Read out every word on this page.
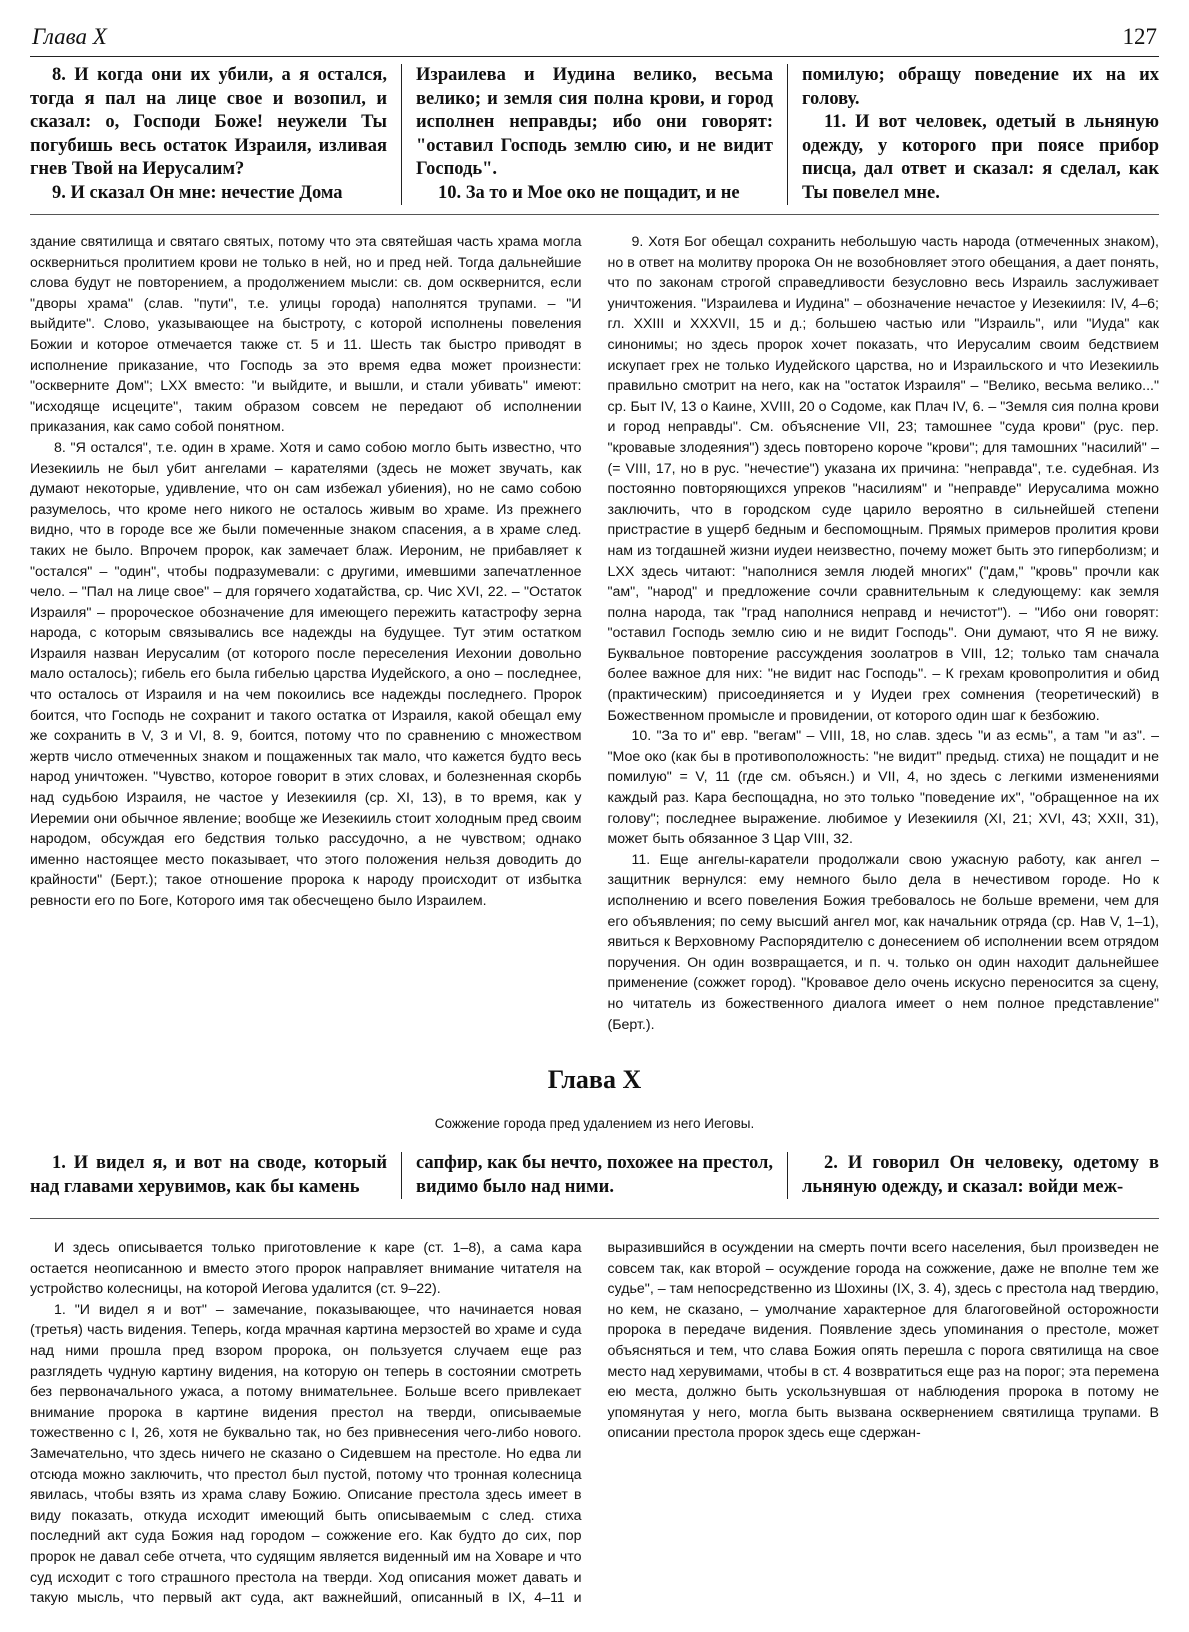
Глава X	127

8. И когда они их убили, а я остался, тогда я пал на лице свое и возопил, и сказал: о, Господи Боже! неужели Ты погубишь весь остаток Израиля, изливая гнев Твой на Иерусалим?

9. И сказал Он мне: нечестие Дома

Израилева и Иудина велико, весьма велико; и земля сия полна крови, и город исполнен неправды; ибо они говорят: "оставил Господь землю сию, и не видит Господь".

10. За то и Мое око не пощадит, и не

помилую; обращу поведение их на их голову.

11. И вот человек, одетый в льняную одежду, у которого при поясе прибор писца, дал ответ и сказал: я сделал, как Ты повелел мне.

здание святилища и святаго святых, потому что эта святейшая часть храма могла оскверниться пролитием крови не только в ней, но и пред ней. Тогда дальнейшие слова будут не повторением, а продолжением мысли: св. дом осквернится, если "дворы храма" (слав. "пути", т.е. улицы города) наполнятся трупами. – "И выйдите". Слово, указывающее на быстроту, с которой исполнены повеления Божии и которое отмечается также ст. 5 и 11. Шесть так быстро приводят в исполнение приказание, что Господь за это время едва может произнести: "оскверните Дом"; LXX вместо: "и выйдите, и вышли, и стали убивать" имеют: "исходяще исцеците", таким образом совсем не передают об исполнении приказания, как само собой понятном.

8. "Я остался", т.е. один в храме. Хотя и само собою могло быть известно, что Иезекииль не был убит ангелами – карателями (здесь не может звучать, как думают некоторые, удивление, что он сам избежал убиения), но не само собою разумелось, что кроме него никого не осталось живым во храме. Из прежнего видно, что в городе все же были помеченные знаком спасения, а в храме след. таких не было. Впрочем пророк, как замечает блаж. Иероним, не прибавляет к "остался" – "один", чтобы подразумевали: с другими, имевшими запечатленное чело. – "Пал на лице свое" – для горячего ходатайства, ср. Чис XVI, 22. – "Остаток Израиля" – пророческое обозначение для имеющего пережить катастрофу зерна народа, с которым связывались все надежды на будущее. Тут этим остатком Израиля назван Иерусалим (от которого после переселения Иехонии довольно мало осталось); гибель его была гибелью царства Иудейского, а оно – последнее, что осталось от Израиля и на чем покоились все надежды последнего. Пророк боится, что Господь не сохранит и такого остатка от Израиля, какой обещал ему же сохранить в V, 3 и VI, 8. 9, боится, потому что по сравнению с множеством жертв число отмеченных знаком и пощаженных так мало, что кажется будто весь народ уничтожен. "Чувство, которое говорит в этих словах, и болезненная скорбь над судьбою Израиля, не частое у Иезекииля (ср. XI, 13), в то время, как у Иеремии они обычное явление; вообще же Иезекииль стоит холодным пред своим народом, обсуждая его бедствия только рассудочно, а не чувством; однако именно настоящее место показывает, что этого положения нельзя доводить до крайности" (Берт.); такое отношение пророка к народу происходит от избытка ревности его по Боге, Которого имя так обесчещено было Израилем.

9. Хотя Бог обещал сохранить небольшую часть народа (отмеченных знаком), но в ответ на молитву пророка Он не возобновляет этого обещания, а дает понять, что по законам строгой справедливости безусловно весь Израиль заслуживает уничтожения. "Израилева и Иудина" – обозначение нечастое у Иезекииля: IV, 4–6; гл. XXIII и XXXVII, 15 и д.; большею частью или "Израиль", или "Иуда" как синонимы; но здесь пророк хочет показать, что Иерусалим своим бедствием искупает грех не только Иудейского царства, но и Израильского и что Иезекииль правильно смотрит на него, как на "остаток Израиля" – "Велико, весьма велико..." ср. Быт IV, 13 о Каине, XVIII, 20 о Содоме, как Плач IV, 6. – "Земля сия полна крови и город неправды". См. объяснение VII, 23; тамошнее "суда крови" (рус. пер. "кровавые злодеяния") здесь повторено короче "крови"; для тамошних "насилий" – (= VIII, 17, но в рус. "нечестие") указана их причина: "неправда", т.е. судебная. Из постоянно повторяющихся упреков "насилиям" и "неправде" Иерусалима можно заключить, что в городском суде царило вероятно в сильнейшей степени пристрастие в ущерб бедным и беспомощным. Прямых примеров пролития крови нам из тогдашней жизни иудеи неизвестно, почему может быть это гиперболизм; и LXX здесь читают: "наполнися земля людей многих" ("дам," "кровь" прочли как "ам", "народ" и предложение сочли сравнительным к следующему: как земля полна народа, так "град наполнися неправд и нечистот"). – "Ибо они говорят: "оставил Господь землю сию и не видит Господь". Они думают, что Я не вижу. Буквальное повторение рассуждения зоолатров в VIII, 12; только там сначала более важное для них: "не видит нас Господь". – К грехам кровопролития и обид (практическим) присоединяется и у Иудеи грех сомнения (теоретический) в Божественном промысле и провидении, от которого один шаг к безбожию.

10. "За то и" евр. "вегам" – VIII, 18, но слав. здесь "и аз есмь", а там "и аз". – "Мое око (как бы в противоположность: "не видит" предыд. стиха) не пощадит и не помилую" = V, 11 (где см. объясн.) и VII, 4, но здесь с легкими изменениями каждый раз. Кара беспощадна, но это только "поведение их", "обращенное на их голову"; последнее выражение. любимое у Иезекииля (XI, 21; XVI, 43; XXII, 31), может быть обязанное 3 Цар VIII, 32.

11. Еще ангелы-каратели продолжали свою ужасную работу, как ангел – защитник вернулся: ему немного было дела в нечестивом городе. Но к исполнению и всего повеления Божия требовалось не больше времени, чем для его объявления; по сему высший ангел мог, как начальник отряда (ср. Нав V, 1–1), явиться к Верховному Распорядителю с донесением об исполнении всем отрядом поручения. Он один возвращается, и п. ч. только он один находит дальнейшее применение (сожжет город). "Кровавое дело очень искусно переносится за сцену, но читатель из божественного диалога имеет о нем полное представление" (Берт.).

Глава X
Сожжение города пред удалением из него Иеговы.

1. И видел я, и вот на своде, который над главами херувимов, как бы камень

сапфир, как бы нечто, похожее на престол, видимо было над ними.

2. И говорил Он человеку, одетому в льняную одежду, и сказал: войди меж-

И здесь описывается только приготовление к каре (ст. 1–8), а сама кара остается неописанною и вместо этого пророк направляет внимание читателя на устройство колесницы, на которой Иегова удалится (ст. 9–22).

1. "И видел я и вот" – замечание, показывающее, что начинается новая (третья) часть видения. Теперь, когда мрачная картина мерзостей во храме и суда над ними прошла пред взором пророка, он пользуется случаем еще раз разглядеть чудную картину видения, на которую он теперь в состоянии смотреть без первоначального ужаса, а потому внимательнее. Больше всего привлекает внимание пророка в картине видения престол на тверди, описываемые тожественно с I, 26, хотя не буквально так, но без привнесения чего-либо нового. Замечательно, что здесь ничего не сказано о Сидевшем на престоле. Но едва ли отсюда можно заключить, что престол был пустой, потому что тронная колесница явилась, чтобы взять из храма славу Божию. Описание престола здесь имеет в виду показать, откуда исходит имеющий быть описываемым с след. стиха последний акт суда Божия над городом – сожжение его. Как будто до сих, пор пророк не давал себе отчета, что судящим является виденный им на Ховаре и что суд исходит с того страшного престола на тверди. Ход описания может давать и такую мысль, что первый акт суда, акт важнейший, описанный в IX, 4–11 и выразившийся в осуждении на смерть почти всего населения, был произведен не совсем так, как второй – осуждение города на сожжение, даже не вполне тем же судье", – там непосредственно из Шохины (IX, 3. 4), здесь с престола над твердию, но кем, не сказано, – умолчание характерное для благоговейной осторожности пророка в передаче видения. Появление здесь упоминания о престоле, может объясняться и тем, что слава Божия опять перешла с порога святилища на свое место над херувимами, чтобы в ст. 4 возвратиться еще раз на порог; эта перемена ею места, должно быть ускользнувшая от наблюдения пророка в потому не упомянутая у него, могла быть вызвана осквернением святилища трупами. В описании престола пророк здесь еще сдержан-
